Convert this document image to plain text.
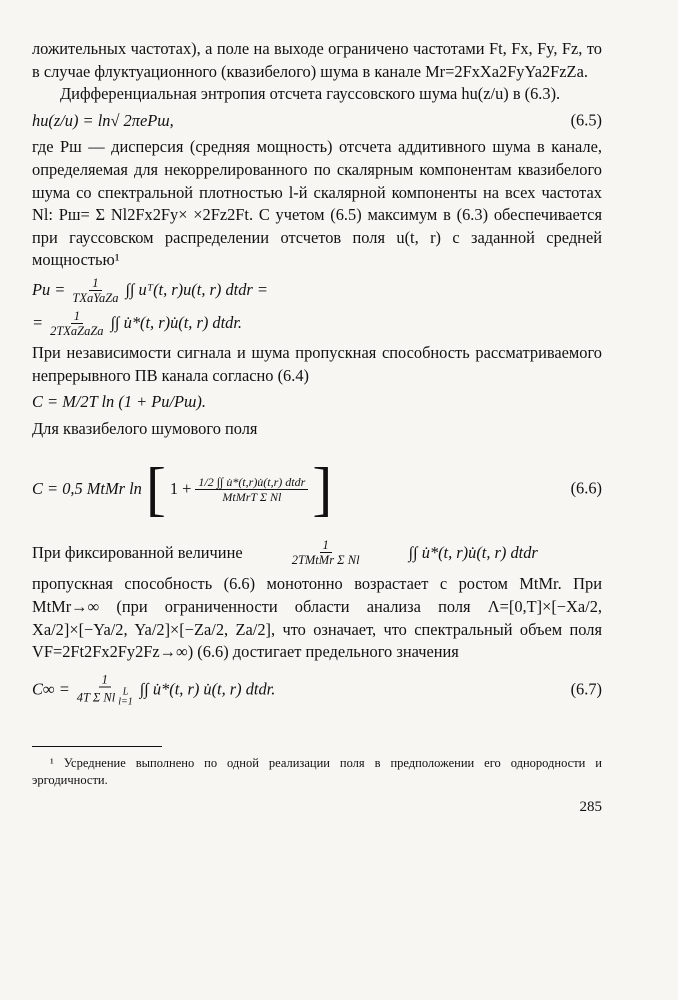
ложительных частотах), а поле на выходе ограничено частотами Ft, Fx, Fy, Fz, то в случае флуктуационного (квазибелого) шума в канале Mr=2FxXa2FyYa2FzZa.

Дифференциальная энтропия отсчета гауссовского шума hu(z/u) в (6.3).

hu(z/u) = ln√ 2πePш,	(6.5)

где Pш — дисперсия (средняя мощность) отсчета аддитивного шума в канале, определяемая для некоррелированного по скалярным компонентам квазибелого шума со спектральной плотностью l-й скалярной компоненты на всех частотах Nl: Pш= Σ Nl2Fx2Fy× ×2Fz2Ft. С учетом (6.5) максимум в (6.3) обеспечивается при гауссовском распределении отсчетов поля u(t, r) с заданной средней мощностью¹

$Pu = \frac{1}{\text{TXaYaZa}}$ ∫∫ uᵀ(t, r)u(t, r) dtdr =
= $\frac{1}{\text{2TXaZaZa}}$ ∫∫ u̇*(t, r)u̇(t, r) dtdr.

При независимости сигнала и шума пропускная способность рассматриваемого непрерывного ПВ канала согласно (6.4)

C = M/2T ln (1 + Pu/Pш).

Для квазибелого шумового поля

C = 0,5 MtMr ln [ $1 + \frac{\text{1/2 ∫∫ u̇*(t,r)u̇(t,r) dtdr}}{\text{MtMrT Σ Nl}}$ ]	(6.6)
При фиксированной величине $\frac{1}{\text{2TMtMr Σ Nl}}$ ∫∫ u̇*(t, r)u̇(t, r) dtdr

пропускная способность (6.6) монотонно возрастает с ростом MtMr. При MtMr→∞ (при ограниченности области анализа поля Λ=[0,T]×[−Xa/2, Xa/2]×[−Ya/2, Ya/2]×[−Za/2, Za/2], что означает, что спектральный объем поля VF=2Ft2Fx2Fy2Fz→∞) (6.6) достигает предельного значения

C∞ = 1
4T Σ Nl L
l=1 ∫∫ u̇*(t, r) u̇(t, r) dtdr.	(6.7)

¹ Усреднение выполнено по одной реализации поля в предположении его однородности и эргодичности.

285
